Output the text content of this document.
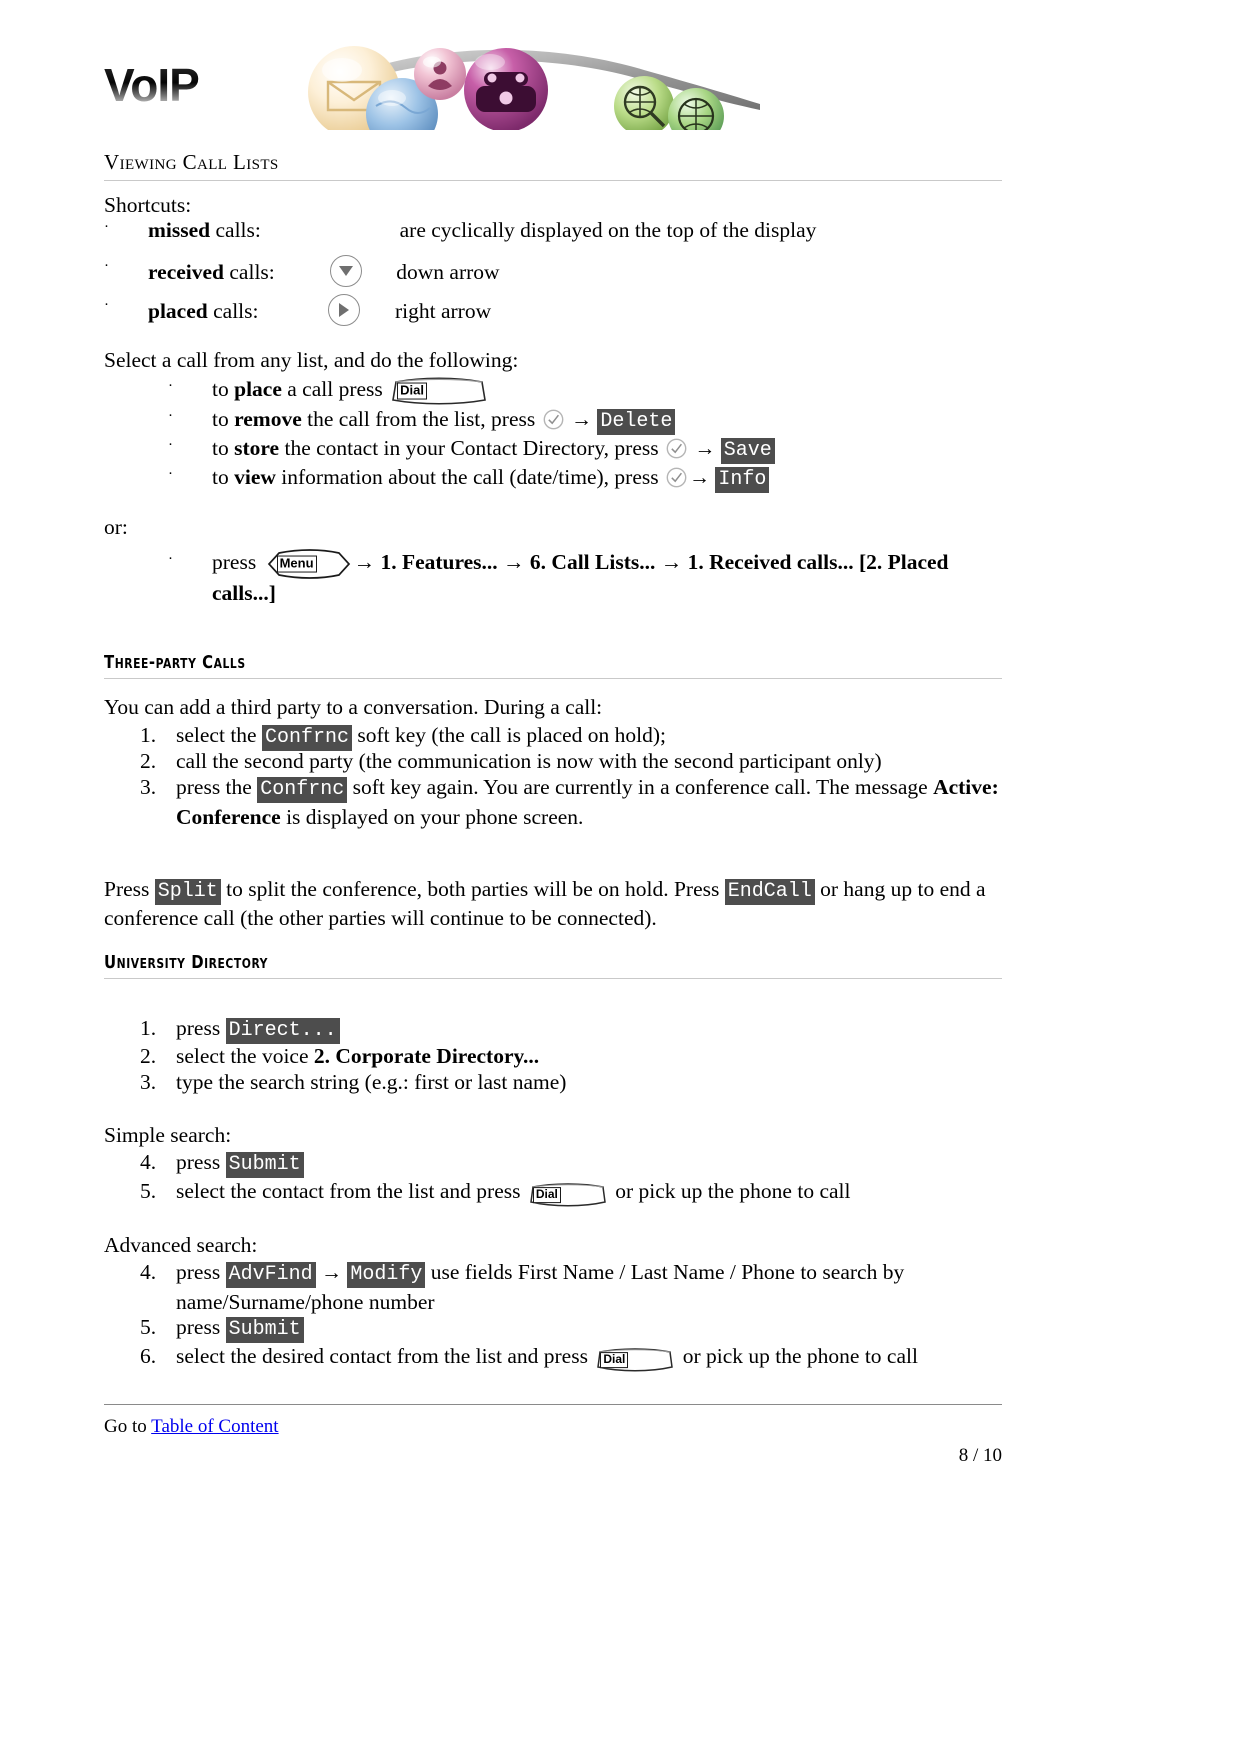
VoIP
Viewing Call Lists
Shortcuts:
·	missed calls:	are cyclically displayed on the top of the display
·	received calls:	down arrow
·	placed calls:	right arrow
Select a call from any list, and do the following:
·	to place a call press Dial
·	to remove the call from the list, press  → Delete
·	to store the contact in your Contact Directory, press  → Save
·	to view information about the call (date/time), press → Info
or:
·	press Menu → 1. Features... → 6. Call Lists... → 1. Received calls... [2. Placed calls...]
Three-party Calls
You can add a third party to a conversation. During a call:
1. select the Confrnc soft key (the call is placed on hold);
2. call the second party (the communication is now with the second participant only)
3. press the Confrnc soft key again. You are currently in a conference call. The message Active: Conference is displayed on your phone screen.
Press Split to split the conference, both parties will be on hold. Press EndCall or hang up to end a conference call (the other parties will continue to be connected).
University Directory
1. press Direct...
2. select the voice 2. Corporate Directory...
3. type the search string (e.g.: first or last name)
Simple search:
4. press Submit
5. select the contact from the list and press Dial or pick up the phone to call
Advanced search:
4. press AdvFind → Modify use fields First Name / Last Name / Phone to search by name/Surname/phone number
5. press Submit
6. select the desired contact from the list and press Dial or pick up the phone to call
Go to Table of Content
8 / 10
